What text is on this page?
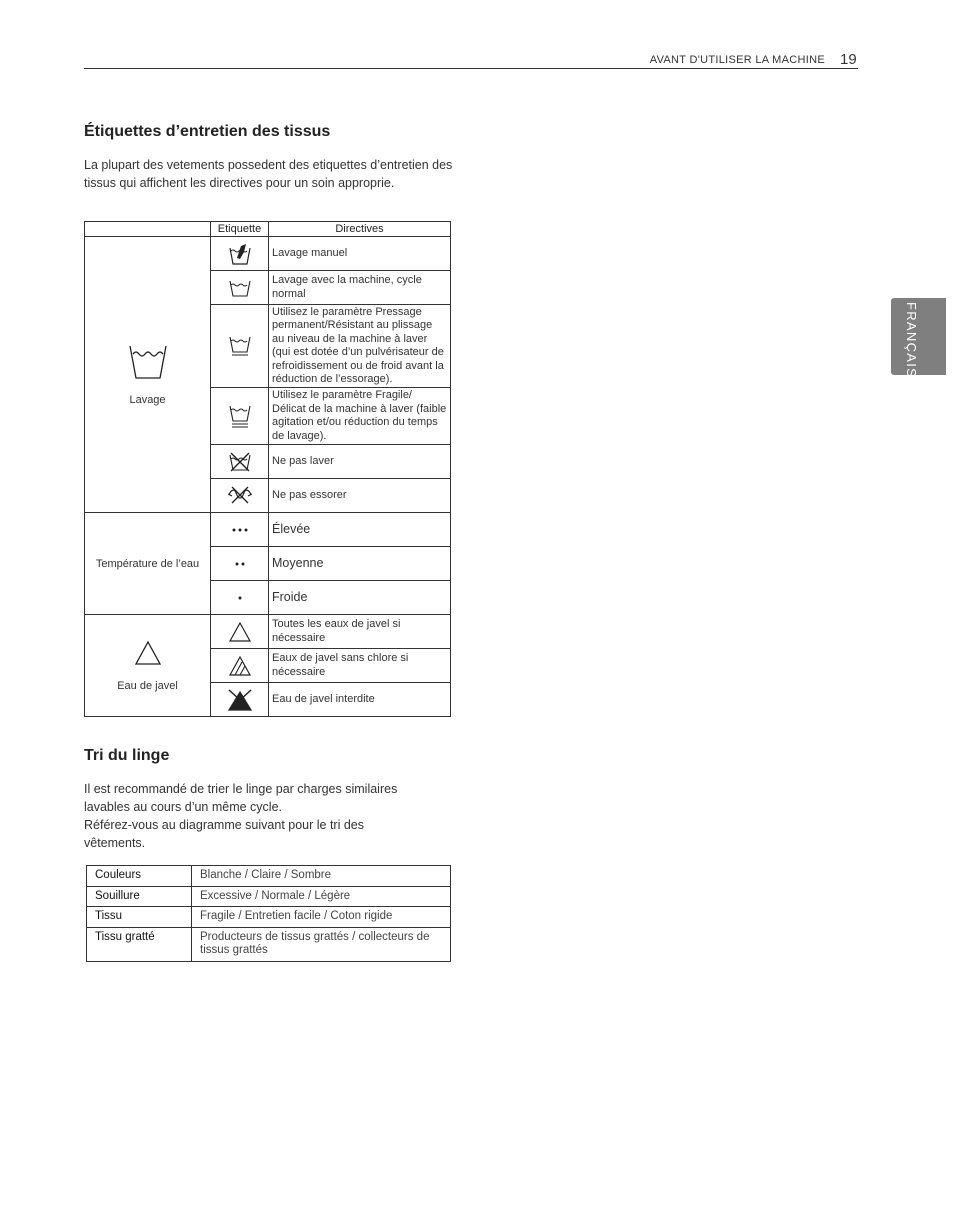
AVANT D'UTILISER LA MACHINE 19
FRANÇAIS
Étiquettes d’entretien des tissus

La plupart des vetements possedent des etiquettes d’entretien des tissus qui affichent les directives pour un soin approprie.

	Etiquette	Directives

Lavage		Lavage manuel
	Lavage avec la machine, cycle normal
	Utilisez le paramètre Pressage permanent/Résistant au plissage au niveau de la machine à laver (qui est dotée d’un pulvérisateur de refroidissement ou de froid avant la réduction de l’essorage).
	Utilisez le paramètre Fragile/ Délicat de la machine à laver (faible agitation et/ou réduction du temps de lavage).
	Ne pas laver
	Ne pas essorer
Température de l’eau		Élevée
	Moyenne
	Froide

Eau de javel		Toutes les eaux de javel si nécessaire
	Eaux de javel sans chlore si nécessaire
	Eau de javel interdite
Tri du linge

Il est recommandé de trier le linge par charges similaires lavables au cours d’un même cycle.

Référez-vous au diagramme suivant pour le tri des vêtements.

Couleurs	Blanche / Claire / Sombre
Souillure	Excessive / Normale / Légère
Tissu	Fragile / Entretien facile / Coton rigide
Tissu gratté	Producteurs de tissus grattés / collecteurs de tissus grattés
